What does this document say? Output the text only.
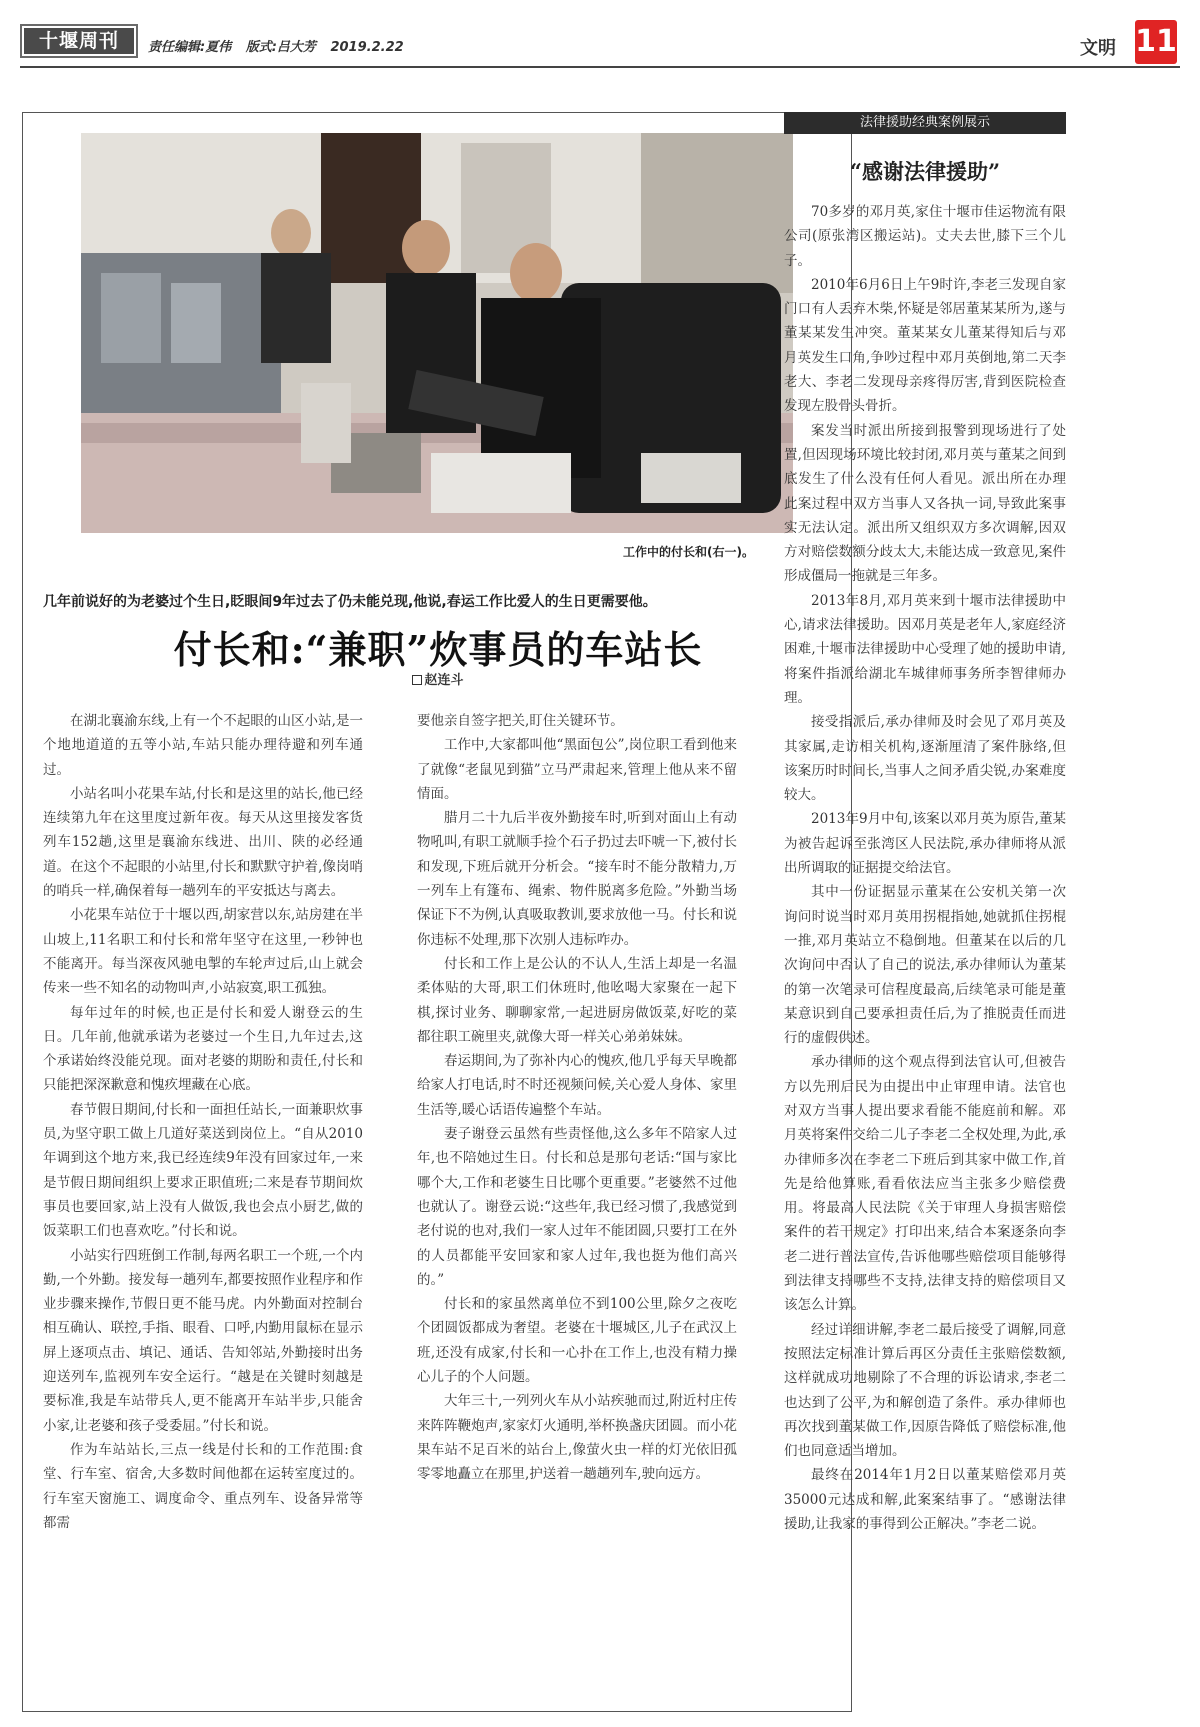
十堰周刊	责任编辑:夏伟 版式:吕大芳 2019.2.22	文明 11
工作中的付长和(右一)。
几年前说好的为老婆过个生日,眨眼间9年过去了仍未能兑现,他说,春运工作比爱人的生日更需要他。
付长和:“兼职”炊事员的车站长
赵连斗

在湖北襄渝东线,上有一个不起眼的山区小站,是一个地地道道的五等小站,车站只能办理待避和列车通过。

小站名叫小花果车站,付长和是这里的站长,他已经连续第九年在这里度过新年夜。每天从这里接发客货列车152趟,这里是襄渝东线进、出川、陕的必经通道。在这个不起眼的小站里,付长和默默守护着,像岗哨的哨兵一样,确保着每一趟列车的平安抵达与离去。

小花果车站位于十堰以西,胡家营以东,站房建在半山坡上,11名职工和付长和常年坚守在这里,一秒钟也不能离开。每当深夜风驰电掣的车轮声过后,山上就会传来一些不知名的动物叫声,小站寂寞,职工孤独。

每年过年的时候,也正是付长和爱人谢登云的生日。几年前,他就承诺为老婆过一个生日,九年过去,这个承诺始终没能兑现。面对老婆的期盼和责任,付长和只能把深深歉意和愧疚埋藏在心底。

春节假日期间,付长和一面担任站长,一面兼职炊事员,为坚守职工做上几道好菜送到岗位上。“自从2010年调到这个地方来,我已经连续9年没有回家过年,一来是节假日期间组织上要求正职值班;二来是春节期间炊事员也要回家,站上没有人做饭,我也会点小厨艺,做的饭菜职工们也喜欢吃。”付长和说。

小站实行四班倒工作制,每两名职工一个班,一个内勤,一个外勤。接发每一趟列车,都要按照作业程序和作业步骤来操作,节假日更不能马虎。内外勤面对控制台相互确认、联控,手指、眼看、口呼,内勤用鼠标在显示屏上逐项点击、填记、通话、告知邻站,外勤接时出务迎送列车,监视列车安全运行。“越是在关键时刻越是要标准,我是车站带兵人,更不能离开车站半步,只能舍小家,让老婆和孩子受委屈。”付长和说。

作为车站站长,三点一线是付长和的工作范围:食堂、行车室、宿舍,大多数时间他都在运转室度过的。行车室天窗施工、调度命令、重点列车、设备异常等都需

要他亲自签字把关,盯住关键环节。

工作中,大家都叫他“黑面包公”,岗位职工看到他来了就像“老鼠见到猫”立马严肃起来,管理上他从来不留情面。

腊月二十九后半夜外勤接车时,听到对面山上有动物吼叫,有职工就顺手捡个石子扔过去吓唬一下,被付长和发现,下班后就开分析会。“接车时不能分散精力,万一列车上有篷布、绳索、物件脱离多危险。”外勤当场保证下不为例,认真吸取教训,要求放他一马。付长和说你违标不处理,那下次别人违标咋办。

付长和工作上是公认的不认人,生活上却是一名温柔体贴的大哥,职工们休班时,他吆喝大家聚在一起下棋,探讨业务、聊聊家常,一起进厨房做饭菜,好吃的菜都往职工碗里夹,就像大哥一样关心弟弟妹妹。

春运期间,为了弥补内心的愧疚,他几乎每天早晚都给家人打电话,时不时还视频问候,关心爱人身体、家里生活等,暖心话语传遍整个车站。

妻子谢登云虽然有些责怪他,这么多年不陪家人过年,也不陪她过生日。付长和总是那句老话:“国与家比哪个大,工作和老婆生日比哪个更重要。”老婆然不过他也就认了。谢登云说:“这些年,我已经习惯了,我感觉到老付说的也对,我们一家人过年不能团圆,只要打工在外的人员都能平安回家和家人过年,我也挺为他们高兴的。”

付长和的家虽然离单位不到100公里,除夕之夜吃个团圆饭都成为奢望。老婆在十堰城区,儿子在武汉上班,还没有成家,付长和一心扑在工作上,也没有精力操心儿子的个人问题。

大年三十,一列列火车从小站疾驰而过,附近村庄传来阵阵鞭炮声,家家灯火通明,举杯换盏庆团圆。而小花果车站不足百米的站台上,像萤火虫一样的灯光依旧孤零零地矗立在那里,护送着一趟趟列车,驶向远方。

法律援助经典案例展示
“感谢法律援助”

70多岁的邓月英,家住十堰市佳运物流有限公司(原张湾区搬运站)。丈夫去世,膝下三个儿子。

2010年6月6日上午9时许,李老三发现自家门口有人丢弃木柴,怀疑是邻居董某某所为,遂与董某某发生冲突。董某某女儿董某得知后与邓月英发生口角,争吵过程中邓月英倒地,第二天李老大、李老二发现母亲疼得厉害,背到医院检查发现左股骨头骨折。

案发当时派出所接到报警到现场进行了处置,但因现场环境比较封闭,邓月英与董某之间到底发生了什么没有任何人看见。派出所在办理此案过程中双方当事人又各执一词,导致此案事实无法认定。派出所又组织双方多次调解,因双方对赔偿数额分歧太大,未能达成一致意见,案件形成僵局一拖就是三年多。

2013年8月,邓月英来到十堰市法律援助中心,请求法律援助。因邓月英是老年人,家庭经济困难,十堰市法律援助中心受理了她的援助申请,将案件指派给湖北车城律师事务所李智律师办理。

接受指派后,承办律师及时会见了邓月英及其家属,走访相关机构,逐渐厘清了案件脉络,但该案历时时间长,当事人之间矛盾尖锐,办案难度较大。

2013年9月中旬,该案以邓月英为原告,董某为被告起诉至张湾区人民法院,承办律师将从派出所调取的证据提交给法官。

其中一份证据显示董某在公安机关第一次询问时说当时邓月英用拐棍指她,她就抓住拐棍一推,邓月英站立不稳倒地。但董某在以后的几次询问中否认了自己的说法,承办律师认为董某的第一次笔录可信程度最高,后续笔录可能是董某意识到自己要承担责任后,为了推脱责任而进行的虚假供述。

承办律师的这个观点得到法官认可,但被告方以先刑后民为由提出中止审理申请。法官也对双方当事人提出要求看能不能庭前和解。邓月英将案件交给二儿子李老二全权处理,为此,承办律师多次在李老二下班后到其家中做工作,首先是给他算账,看看依法应当主张多少赔偿费用。将最高人民法院《关于审理人身损害赔偿案件的若干规定》打印出来,结合本案逐条向李老二进行普法宣传,告诉他哪些赔偿项目能够得到法律支持哪些不支持,法律支持的赔偿项目又该怎么计算。

经过详细讲解,李老二最后接受了调解,同意按照法定标准计算后再区分责任主张赔偿数额,这样就成功地剔除了不合理的诉讼请求,李老二也达到了公平,为和解创造了条件。承办律师也再次找到董某做工作,因原告降低了赔偿标准,他们也同意适当增加。

最终在2014年1月2日以董某赔偿邓月英35000元达成和解,此案案结事了。“感谢法律援助,让我家的事得到公正解决。”李老二说。
